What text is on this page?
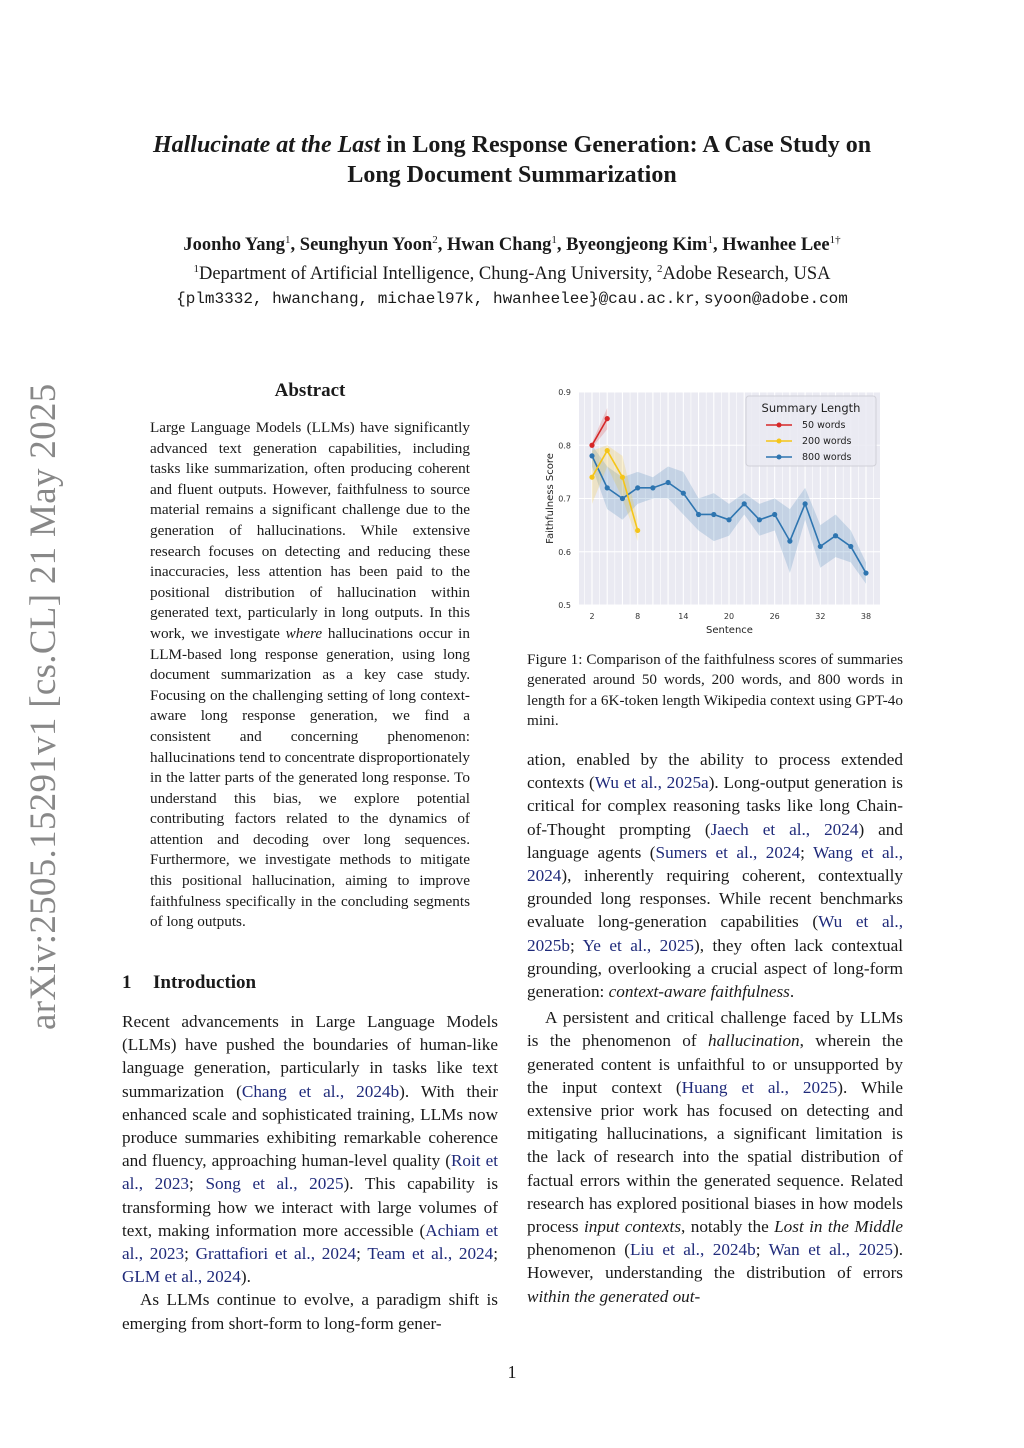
arXiv:2505.15291v1 [cs.CL] 21 May 2025
Hallucinate at the Last in Long Response Generation: A Case Study on
Long Document Summarization
Joonho Yang$^1$, Seunghyun Yoon$^2$, Hwan Chang$^1$, Byeongjeong Kim$^1$, Hwanhee Lee$^{1\dagger}$
$^1$Department of Artificial Intelligence, Chung-Ang University, $^2$Adobe Research, USA
{plm3332, hwanchang, michael97k, hwanheelee}@cau.ac.kr, syoon@adobe.com
Abstract
Large Language Models (LLMs) have significantly advanced text generation capabilities, including tasks like summarization, often producing coherent and fluent outputs. However, faithfulness to source material remains a significant challenge due to the generation of hallucinations. While extensive research focuses on detecting and reducing these inaccuracies, less attention has been paid to the positional distribution of hallucination within generated text, particularly in long outputs. In this work, we investigate where hallucinations occur in LLM-based long response generation, using long document summarization as a key case study. Focusing on the challenging setting of long context-aware long response generation, we find a consistent and concerning phenomenon: hallucinations tend to concentrate disproportionately in the latter parts of the generated long response. To understand this bias, we explore potential contributing factors related to the dynamics of attention and decoding over long sequences. Furthermore, we investigate methods to mitigate this positional hallucination, aiming to improve faithfulness specifically in the concluding segments of long outputs.
1 Introduction

Recent advancements in Large Language Models (LLMs) have pushed the boundaries of human-like language generation, particularly in tasks like text summarization (Chang et al., 2024b). With their enhanced scale and sophisticated training, LLMs now produce summaries exhibiting remarkable coherence and fluency, approaching human-level quality (Roit et al., 2023; Song et al., 2025). This capability is transforming how we interact with large volumes of text, making information more accessible (Achiam et al., 2023; Grattafiori et al., 2024; Team et al., 2024; GLM et al., 2024).

As LLMs continue to evolve, a paradigm shift is emerging from short-form to long-form gener-

0.5
0.6
0.7
0.8
0.9
2	8	14	20	26	32	38
Sentence
Faithfulness Score
Summary Length
50 words
200 words
800 words
Figure 1: Comparison of the faithfulness scores of summaries generated around 50 words, 200 words, and 800 words in length for a 6K-token length Wikipedia context using GPT-4o mini.

ation, enabled by the ability to process extended contexts (Wu et al., 2025a). Long-output generation is critical for complex reasoning tasks like long Chain-of-Thought prompting (Jaech et al., 2024) and language agents (Sumers et al., 2024; Wang et al., 2024), inherently requiring coherent, contextually grounded long responses. While recent benchmarks evaluate long-generation capabilities (Wu et al., 2025b; Ye et al., 2025), they often lack contextual grounding, overlooking a crucial aspect of long-form generation: context-aware faithfulness.

A persistent and critical challenge faced by LLMs is the phenomenon of hallucination, wherein the generated content is unfaithful to or unsupported by the input context (Huang et al., 2025). While extensive prior work has focused on detecting and mitigating hallucinations, a significant limitation is the lack of research into the spatial distribution of factual errors within the generated sequence. Related research has explored positional biases in how models process input contexts, notably the Lost in the Middle phenomenon (Liu et al., 2024b; Wan et al., 2025). However, understanding the distribution of errors within the generated out-

1
